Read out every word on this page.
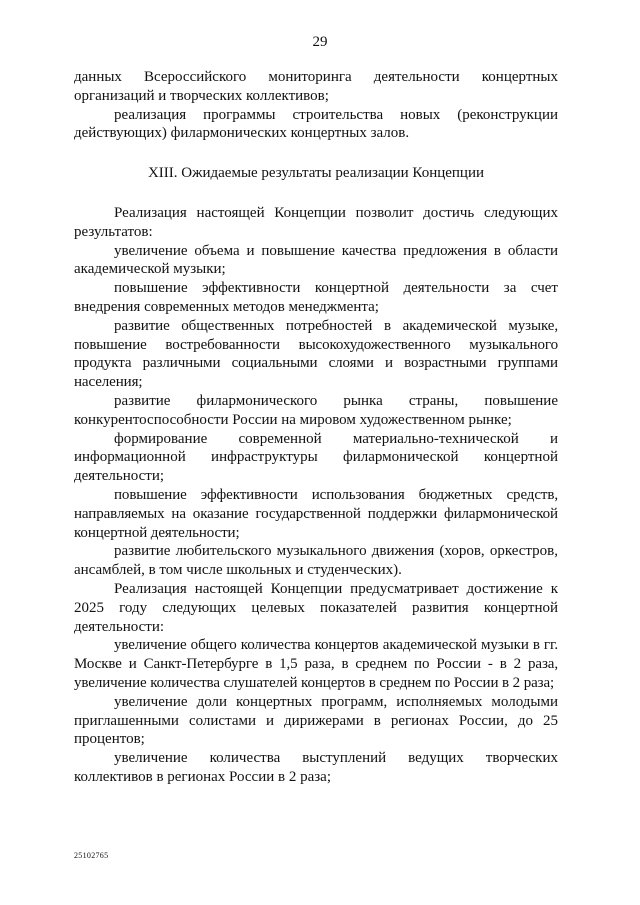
29

данных Всероссийского мониторинга деятельности концертных организаций и творческих коллективов;

реализация программы строительства новых (реконструкции действующих) филармонических концертных залов.

XIII. Ожидаемые результаты реализации Концепции

Реализация настоящей Концепции позволит достичь следующих результатов:

увеличение объема и повышение качества предложения в области академической музыки;

повышение эффективности концертной деятельности за счет внедрения современных методов менеджмента;

развитие общественных потребностей в академической музыке, повышение востребованности высокохудожественного музыкального продукта различными социальными слоями и возрастными группами населения;

развитие филармонического рынка страны, повышение конкурентоспособности России на мировом художественном рынке;

формирование современной материально-технической и информационной инфраструктуры филармонической концертной деятельности;

повышение эффективности использования бюджетных средств, направляемых на оказание государственной поддержки филармонической концертной деятельности;

развитие любительского музыкального движения (хоров, оркестров, ансамблей, в том числе школьных и студенческих).

Реализация настоящей Концепции предусматривает достижение к 2025 году следующих целевых показателей развития концертной деятельности:

увеличение общего количества концертов академической музыки в гг. Москве и Санкт-Петербурге в 1,5 раза, в среднем по России - в 2 раза, увеличение количества слушателей концертов в среднем по России в 2 раза;

увеличение доли концертных программ, исполняемых молодыми приглашенными солистами и дирижерами в регионах России, до 25 процентов;

увеличение количества выступлений ведущих творческих коллективов в регионах России в 2 раза;

25102765
